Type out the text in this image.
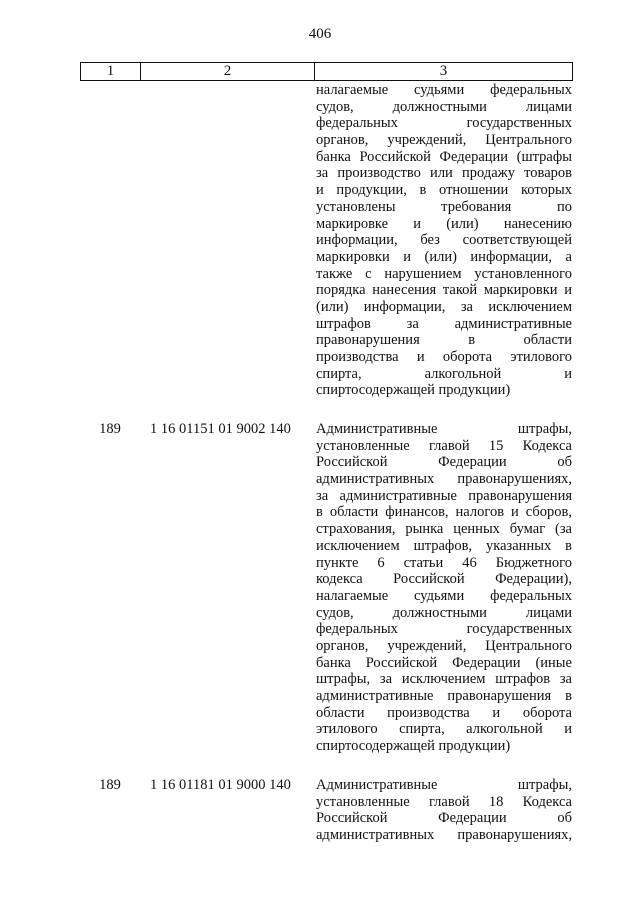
406
1	2	3
налагаемые судьями федеральных
судов, должностными лицами
федеральных государственных
органов, учреждений, Центрального
банка Российской Федерации (штрафы
за производство или продажу товаров
и продукции, в отношении которых
установлены требования по
маркировке и (или) нанесению
информации, без соответствующей
маркировки и (или) информации, а
также с нарушением установленного
порядка нанесения такой маркировки и
(или) информации, за исключением
штрафов за административные
правонарушения в области
производства и оборота этилового
спирта, алкогольной и
спиртосодержащей продукции)
189	1 16 01151 01 9002 140	Административные штрафы,
установленные главой 15 Кодекса
Российской Федерации об
административных правонарушениях,
за административные правонарушения
в области финансов, налогов и сборов,
страхования, рынка ценных бумаг (за
исключением штрафов, указанных в
пункте 6 статьи 46 Бюджетного
кодекса Российской Федерации),
налагаемые судьями федеральных
судов, должностными лицами
федеральных государственных
органов, учреждений, Центрального
банка Российской Федерации (иные
штрафы, за исключением штрафов за
административные правонарушения в
области производства и оборота
этилового спирта, алкогольной и
спиртосодержащей продукции)
189	1 16 01181 01 9000 140	Административные штрафы,
установленные главой 18 Кодекса
Российской Федерации об
административных правонарушениях,
